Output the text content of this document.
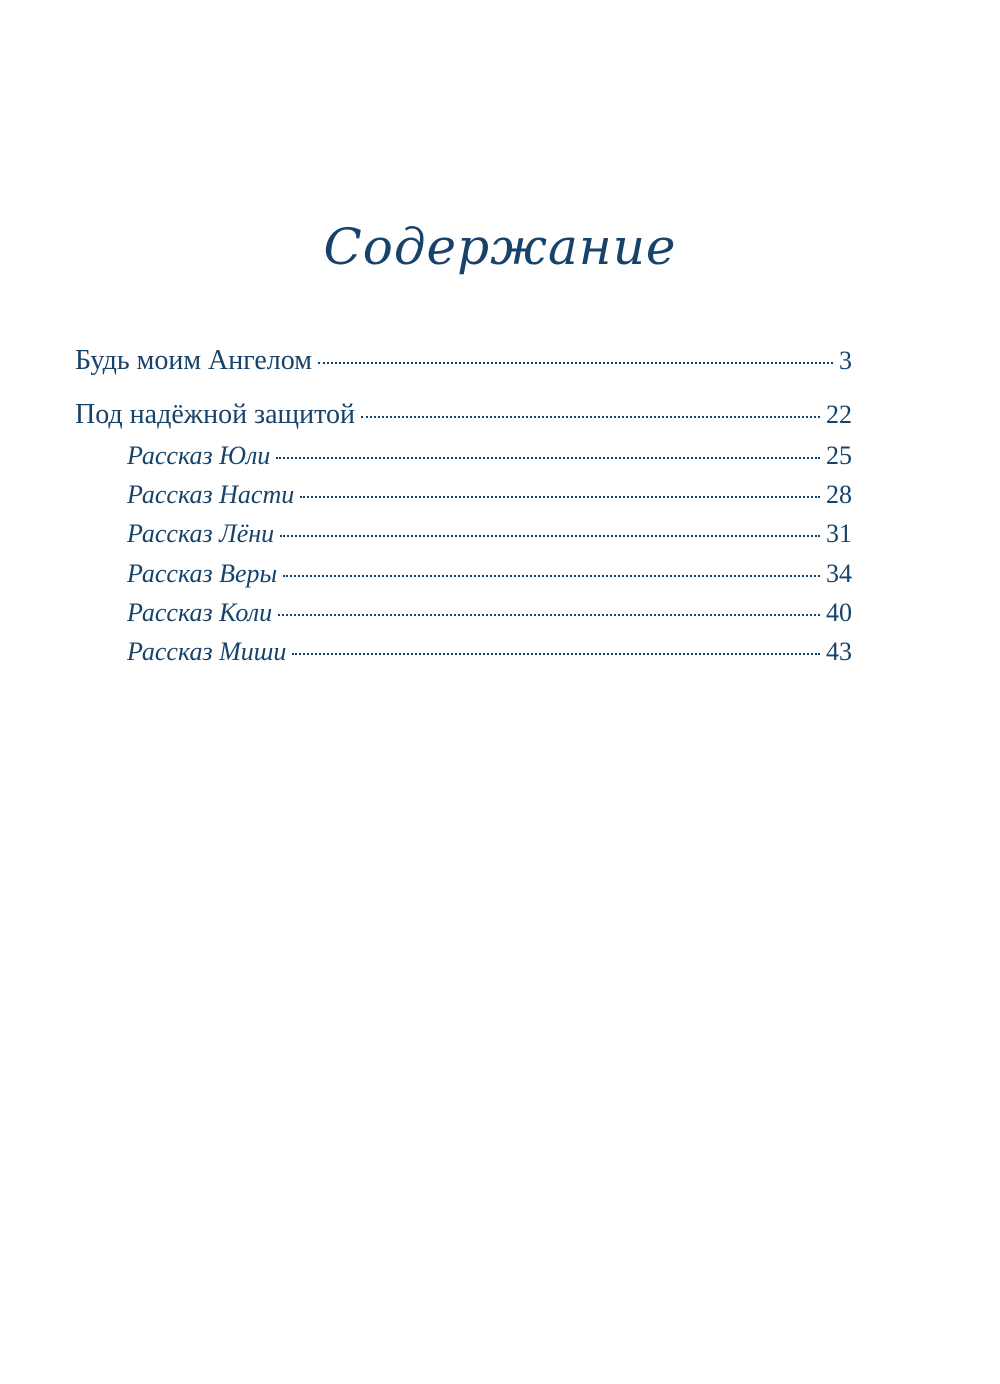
Содержание
Будь моим Ангелом	3
Под надёжной защитой	22
Рассказ Юли	25
Рассказ Насти	28
Рассказ Лёни	31
Рассказ Веры	34
Рассказ Коли	40
Рассказ Миши	43
